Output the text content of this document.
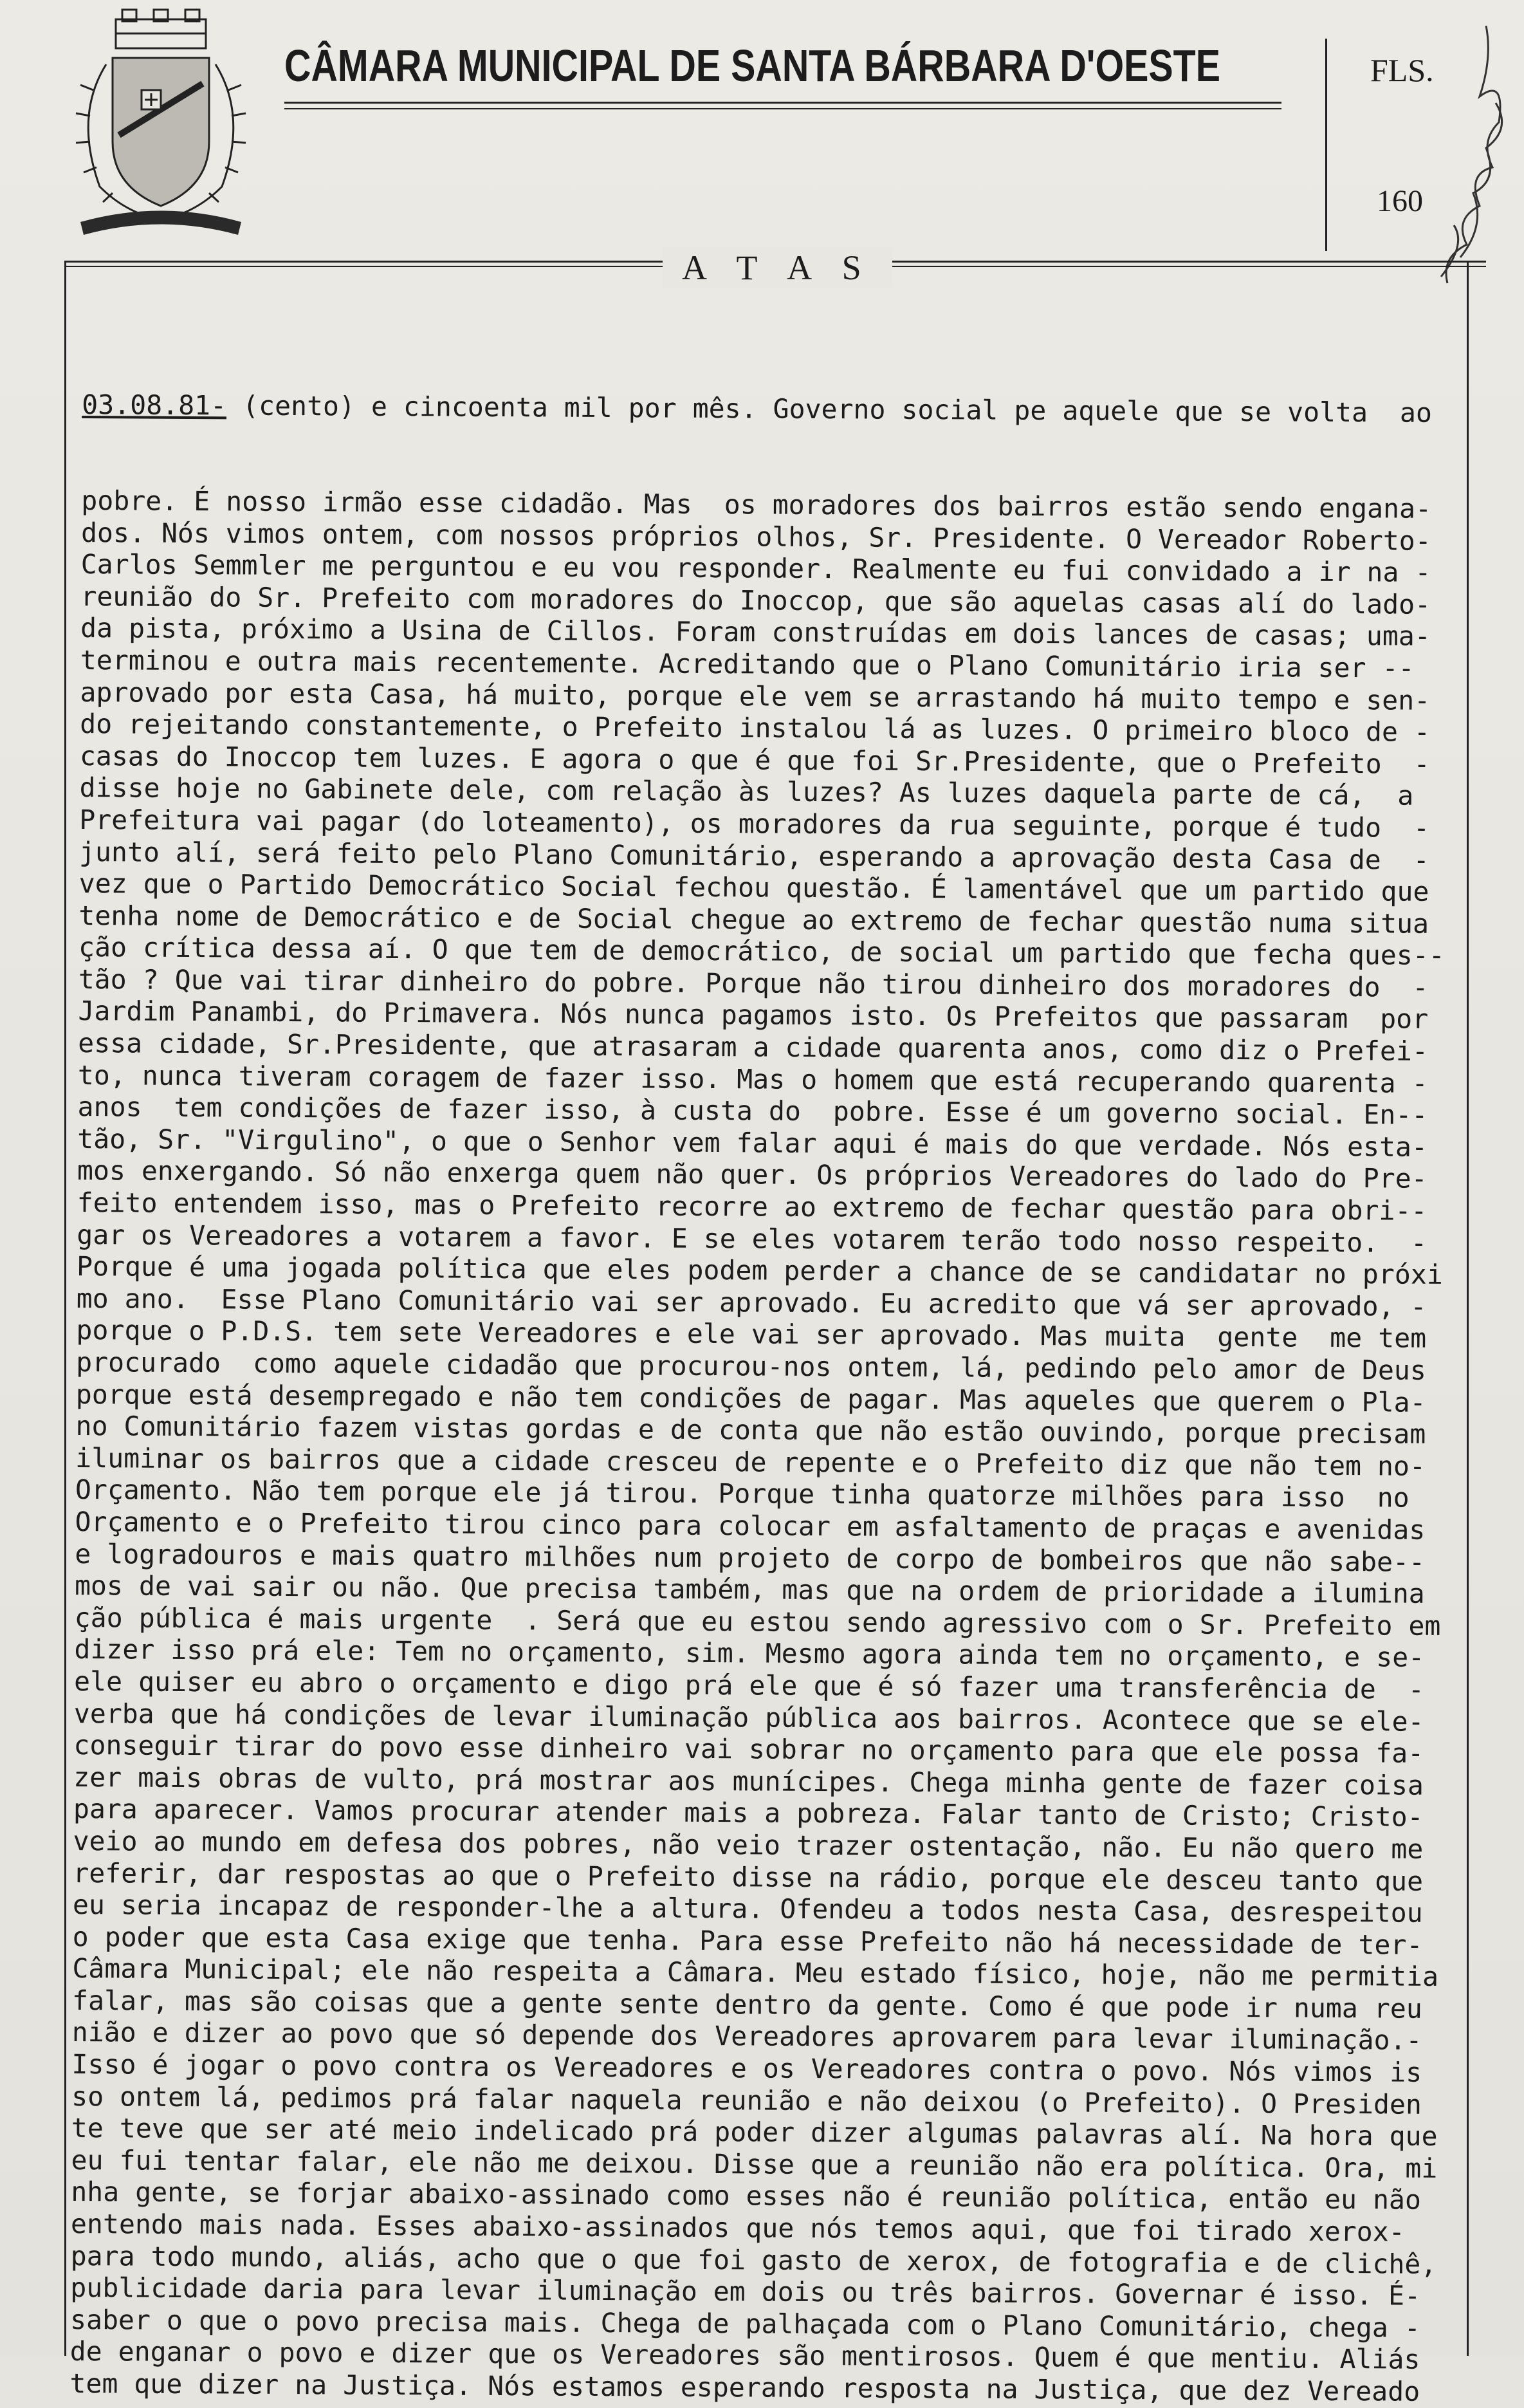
CÂMARA MUNICIPAL DE SANTA BÁRBARA D'OESTE	FLS.
160
A T A S

03.08.81- (cento) e cincoenta mil por mês. Governo social pe aquele que se volta  ao

pobre. É nosso irmão esse cidadão. Mas  os moradores dos bairros estão sendo engana-
dos. Nós vimos ontem, com nossos próprios olhos, Sr. Presidente. O Vereador Roberto-
Carlos Semmler me perguntou e eu vou responder. Realmente eu fui convidado a ir na -
reunião do Sr. Prefeito com moradores do Inoccop, que são aquelas casas alí do lado-
da pista, próximo a Usina de Cillos. Foram construídas em dois lances de casas; uma-
terminou e outra mais recentemente. Acreditando que o Plano Comunitário iria ser --
aprovado por esta Casa, há muito, porque ele vem se arrastando há muito tempo e sen-
do rejeitando constantemente, o Prefeito instalou lá as luzes. O primeiro bloco de -
casas do Inoccop tem luzes. E agora o que é que foi Sr.Presidente, que o Prefeito  -
disse hoje no Gabinete dele, com relação às luzes? As luzes daquela parte de cá,  a
Prefeitura vai pagar (do loteamento), os moradores da rua seguinte, porque é tudo  -
junto alí, será feito pelo Plano Comunitário, esperando a aprovação desta Casa de  -
vez que o Partido Democrático Social fechou questão. É lamentável que um partido que
tenha nome de Democrático e de Social chegue ao extremo de fechar questão numa situa
ção crítica dessa aí. O que tem de democrático, de social um partido que fecha ques--
tão ? Que vai tirar dinheiro do pobre. Porque não tirou dinheiro dos moradores do  -
Jardim Panambi, do Primavera. Nós nunca pagamos isto. Os Prefeitos que passaram  por
essa cidade, Sr.Presidente, que atrasaram a cidade quarenta anos, como diz o Prefei-
to, nunca tiveram coragem de fazer isso. Mas o homem que está recuperando quarenta -
anos  tem condições de fazer isso, à custa do  pobre. Esse é um governo social. En--
tão, Sr. "Virgulino", o que o Senhor vem falar aqui é mais do que verdade. Nós esta-
mos enxergando. Só não enxerga quem não quer. Os próprios Vereadores do lado do Pre-
feito entendem isso, mas o Prefeito recorre ao extremo de fechar questão para obri--
gar os Vereadores a votarem a favor. E se eles votarem terão todo nosso respeito.  -
Porque é uma jogada política que eles podem perder a chance de se candidatar no próxi
mo ano.  Esse Plano Comunitário vai ser aprovado. Eu acredito que vá ser aprovado, -
porque o P.D.S. tem sete Vereadores e ele vai ser aprovado. Mas muita  gente  me tem
procurado  como aquele cidadão que procurou-nos ontem, lá, pedindo pelo amor de Deus
porque está desempregado e não tem condições de pagar. Mas aqueles que querem o Pla-
no Comunitário fazem vistas gordas e de conta que não estão ouvindo, porque precisam
iluminar os bairros que a cidade cresceu de repente e o Prefeito diz que não tem no-
Orçamento. Não tem porque ele já tirou. Porque tinha quatorze milhões para isso  no
Orçamento e o Prefeito tirou cinco para colocar em asfaltamento de praças e avenidas
e logradouros e mais quatro milhões num projeto de corpo de bombeiros que não sabe--
mos de vai sair ou não. Que precisa também, mas que na ordem de prioridade a ilumina
ção pública é mais urgente  . Será que eu estou sendo agressivo com o Sr. Prefeito em
dizer isso prá ele: Tem no orçamento, sim. Mesmo agora ainda tem no orçamento, e se-
ele quiser eu abro o orçamento e digo prá ele que é só fazer uma transferência de  -
verba que há condições de levar iluminação pública aos bairros. Acontece que se ele-
conseguir tirar do povo esse dinheiro vai sobrar no orçamento para que ele possa fa-
zer mais obras de vulto, prá mostrar aos munícipes. Chega minha gente de fazer coisa
para aparecer. Vamos procurar atender mais a pobreza. Falar tanto de Cristo; Cristo-
veio ao mundo em defesa dos pobres, não veio trazer ostentação, não. Eu não quero me
referir, dar respostas ao que o Prefeito disse na rádio, porque ele desceu tanto que
eu seria incapaz de responder-lhe a altura. Ofendeu a todos nesta Casa, desrespeitou
o poder que esta Casa exige que tenha. Para esse Prefeito não há necessidade de ter-
Câmara Municipal; ele não respeita a Câmara. Meu estado físico, hoje, não me permitia
falar, mas são coisas que a gente sente dentro da gente. Como é que pode ir numa reu
nião e dizer ao povo que só depende dos Vereadores aprovarem para levar iluminação.-
Isso é jogar o povo contra os Vereadores e os Vereadores contra o povo. Nós vimos is
so ontem lá, pedimos prá falar naquela reunião e não deixou (o Prefeito). O Presiden
te teve que ser até meio indelicado prá poder dizer algumas palavras alí. Na hora que
eu fui tentar falar, ele não me deixou. Disse que a reunião não era política. Ora, mi
nha gente, se forjar abaixo-assinado como esses não é reunião política, então eu não
entendo mais nada. Esses abaixo-assinados que nós temos aqui, que foi tirado xerox-
para todo mundo, aliás, acho que o que foi gasto de xerox, de fotografia e de clichê,
publicidade daria para levar iluminação em dois ou três bairros. Governar é isso. É-
saber o que o povo precisa mais. Chega de palhaçada com o Plano Comunitário, chega -
de enganar o povo e dizer que os Vereadores são mentirosos. Quem é que mentiu. Aliás
tem que dizer na Justiça. Nós estamos esperando resposta na Justiça, que dez Vereado
